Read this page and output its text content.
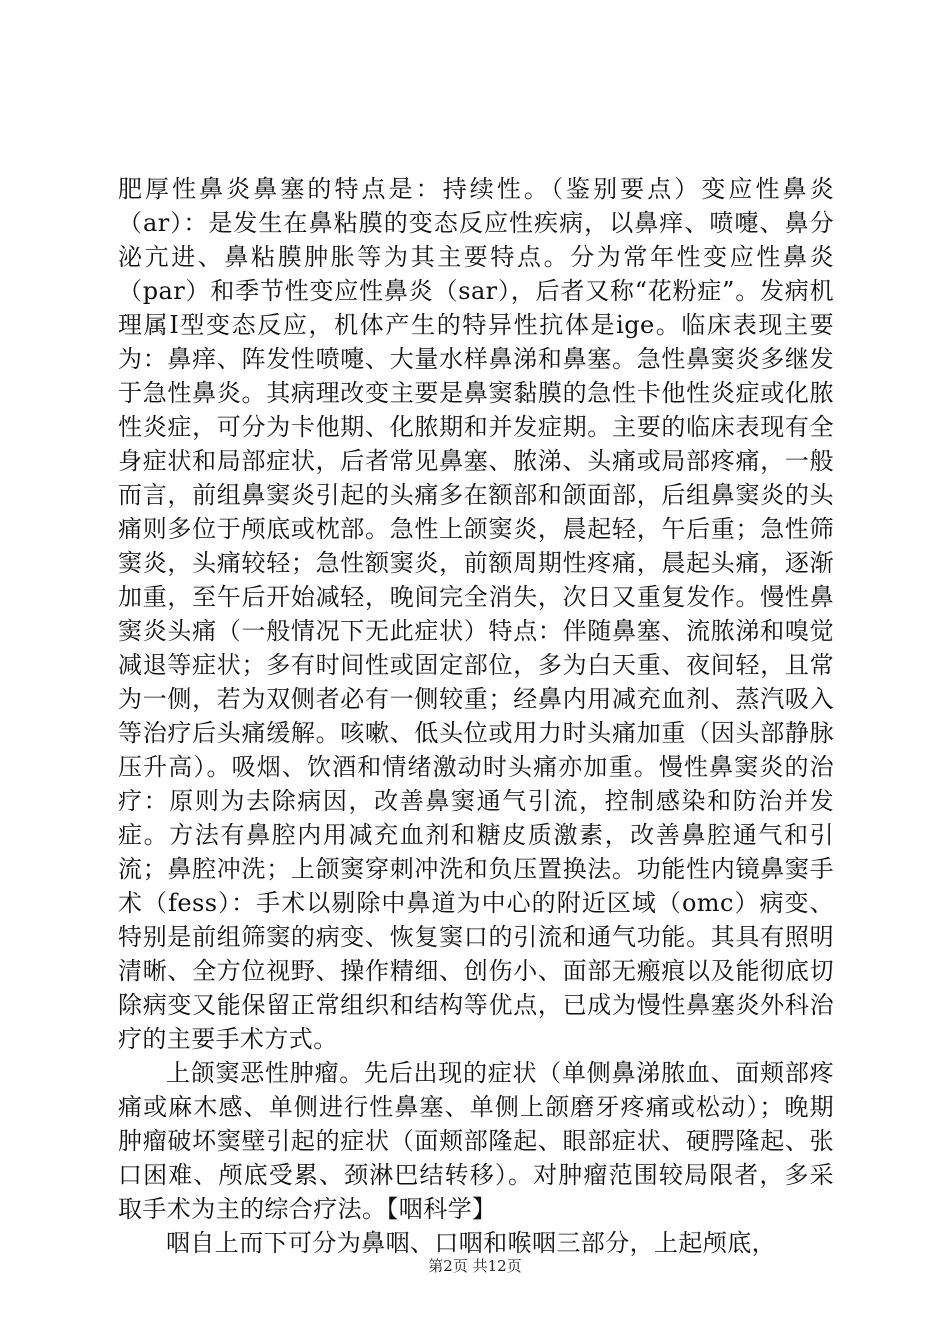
肥厚性鼻炎鼻塞的特点是：持续性。（鉴别要点）变应性鼻炎（ar）：是发生在鼻粘膜的变态反应性疾病，以鼻痒、喷嚏、鼻分泌亢进、鼻粘膜肿胀等为其主要特点。分为常年性变应性鼻炎（par）和季节性变应性鼻炎（sar），后者又称“花粉症”。发病机理属Ⅰ型变态反应，机体产生的特异性抗体是ige。临床表现主要为：鼻痒、阵发性喷嚏、大量水样鼻涕和鼻塞。急性鼻窦炎多继发于急性鼻炎。其病理改变主要是鼻窦黏膜的急性卡他性炎症或化脓性炎症，可分为卡他期、化脓期和并发症期。主要的临床表现有全身症状和局部症状，后者常见鼻塞、脓涕、头痛或局部疼痛，一般而言，前组鼻窦炎引起的头痛多在额部和颌面部，后组鼻窦炎的头痛则多位于颅底或枕部。急性上颌窦炎，晨起轻，午后重；急性筛窦炎，头痛较轻；急性额窦炎，前额周期性疼痛，晨起头痛，逐渐加重，至午后开始减轻，晚间完全消失，次日又重复发作。慢性鼻窦炎头痛（一般情况下无此症状）特点：伴随鼻塞、流脓涕和嗅觉减退等症状；多有时间性或固定部位，多为白天重、夜间轻，且常为一侧，若为双侧者必有一侧较重；经鼻内用减充血剂、蒸汽吸入等治疗后头痛缓解。咳嗽、低头位或用力时头痛加重（因头部静脉压升高）。吸烟、饮酒和情绪激动时头痛亦加重。慢性鼻窦炎的治疗：原则为去除病因，改善鼻窦通气引流，控制感染和防治并发症。方法有鼻腔内用减充血剂和糖皮质激素，改善鼻腔通气和引流；鼻腔冲洗；上颌窦穿刺冲洗和负压置换法。功能性内镜鼻窦手术（fess）：手术以剔除中鼻道为中心的附近区域（omc）病变、特别是前组筛窦的病变、恢复窦口的引流和通气功能。其具有照明清晰、全方位视野、操作精细、创伤小、面部无瘢痕以及能彻底切除病变又能保留正常组织和结构等优点，已成为慢性鼻塞炎外科治疗的主要手术方式。

上颌窦恶性肿瘤。先后出现的症状（单侧鼻涕脓血、面颊部疼痛或麻木感、单侧进行性鼻塞、单侧上颌磨牙疼痛或松动）；晚期肿瘤破坏窦壁引起的症状（面颊部隆起、眼部症状、硬腭隆起、张口困难、颅底受累、颈淋巴结转移）。对肿瘤范围较局限者，多采取手术为主的综合疗法。【咽科学】

咽自上而下可分为鼻咽、口咽和喉咽三部分，上起颅底，

第2页 共12页
